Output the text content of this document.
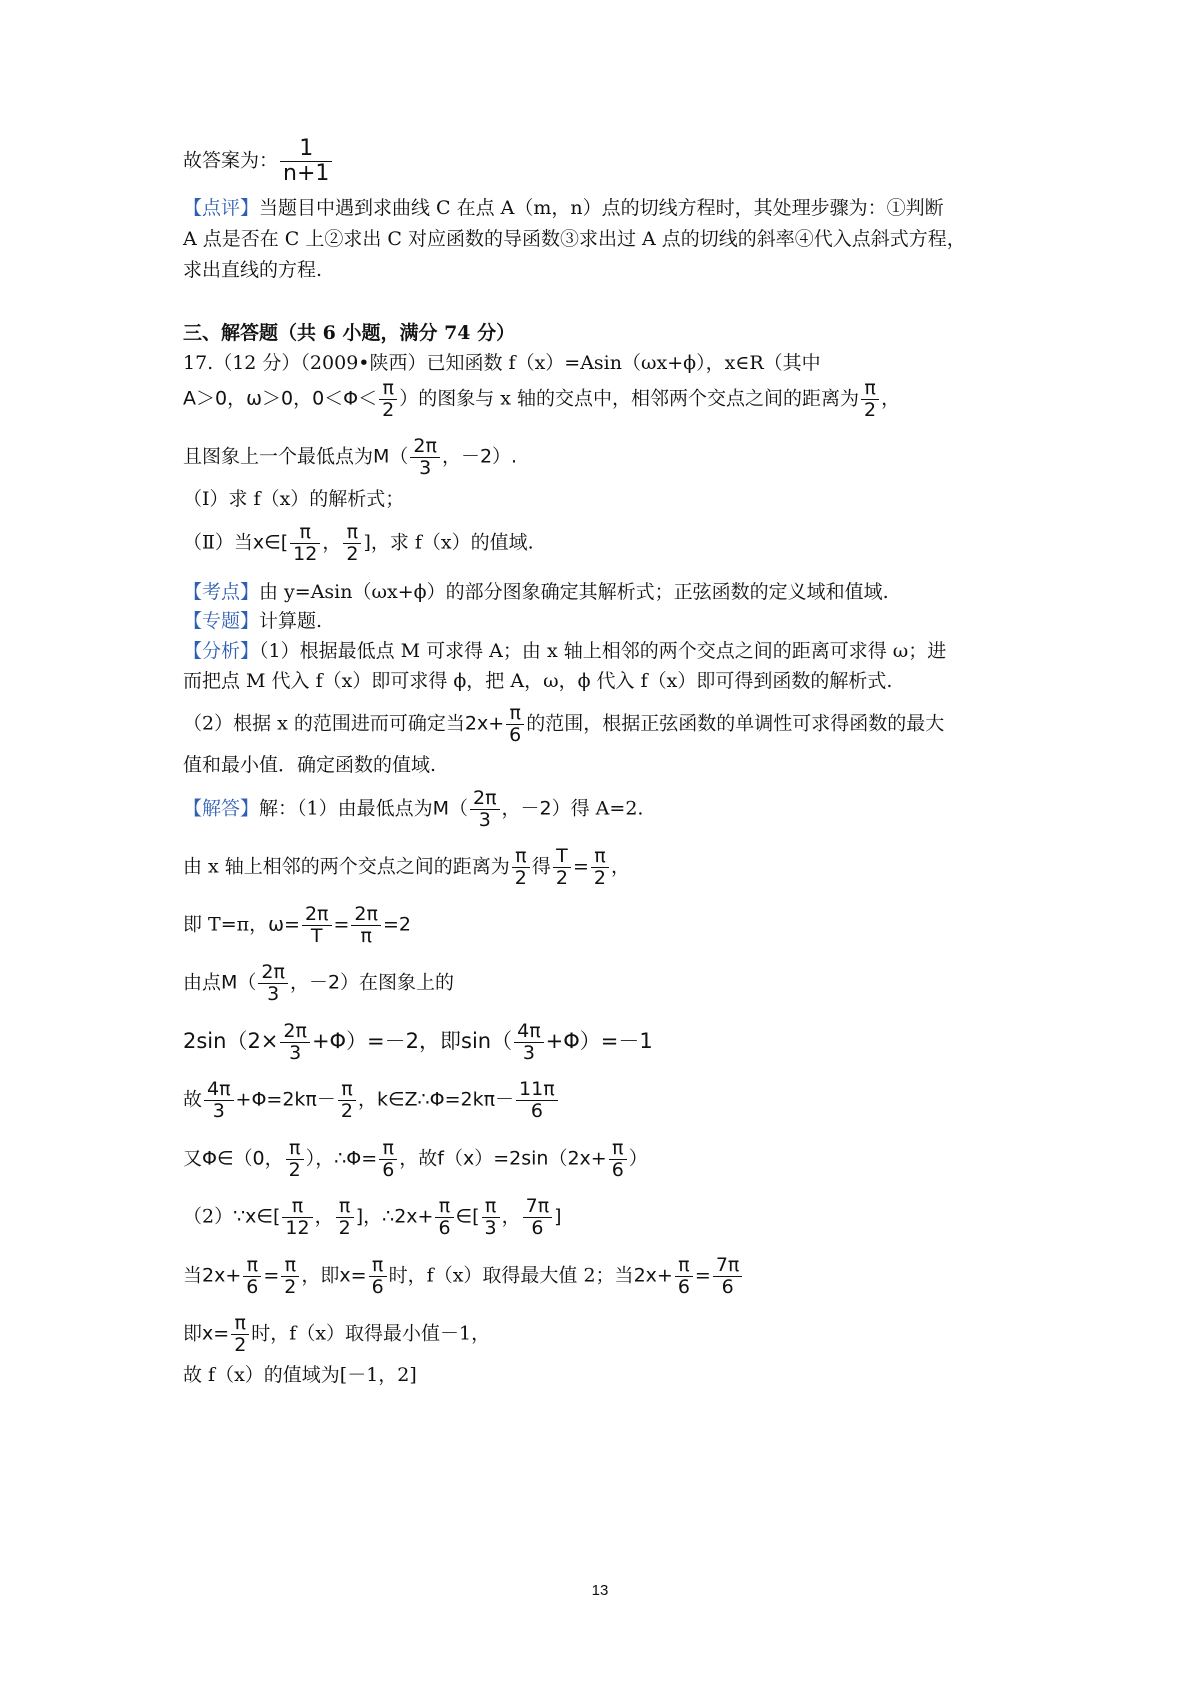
故答案为： $\frac{1}{n+1}$
【点评】当题目中遇到求曲线 C 在点 A（m，n）点的切线方程时，其处理步骤为：①判断
A 点是否在 C 上②求出 C 对应函数的导函数③求出过 A 点的切线的斜率④代入点斜式方程，
求出直线的方程.
三、解答题（共 6 小题，满分 74 分）
17.（12 分）（2009•陕西）已知函数 f（x）=Asin（ωx+ϕ），x∈R（其中
A＞0，ω＞0，$0<\Phi< \frac{\pi}{2}$ ）的图象与 x 轴的交点中，相邻两个交点之间的距离为 $\frac{\pi}{2}$ ，
且图象上一个最低点为$M( \frac{2\pi}{3}$ ，－2）.
（Ⅰ）求 f（x）的解析式；
（Ⅱ）当x∈[ $\frac{\pi}{12}$ ， $\frac{\pi}{2}$ ]，求 f（x）的值域.
【考点】由 y=Asin（ωx+ϕ）的部分图象确定其解析式；正弦函数的定义域和值域.
【专题】计算题.
【分析】（1）根据最低点 M 可求得 A；由 x 轴上相邻的两个交点之间的距离可求得 ω；进
而把点 M 代入 f（x）即可求得 ϕ，把 A，ω，ϕ 代入 f（x）即可得到函数的解析式.
（2）根据 x 的范围进而可确定当$2x+ \frac{\pi}{6}$ 的范围，根据正弦函数的单调性可求得函数的最大
值和最小值．确定函数的值域.
【解答】解：（1）由最低点为$M( \frac{2\pi}{3}$ ，－2）得 A=2.
由 x 轴上相邻的两个交点之间的距离为 $\frac{\pi}{2}$ 得 $\frac{T}{2} = \frac{\pi}{2}$ ，
即 T=π，$\omega= \frac{2\pi}{T} = \frac{2\pi}{\pi} =2$
由点$M( \frac{2\pi}{3}$ ，－2）在图象上的
$2\sin(2\times \frac{2\pi}{3} +\Phi)=-2$，即$\sin( \frac{4\pi}{3} +\Phi)=-1$
故 $\frac{4\pi}{3} +\Phi=2k\pi- \frac{\pi}{2}$ ，k∈Z∴Φ=2kπ－ $\frac{11\pi}{6}$
又Φ∈（0， $\frac{\pi}{2}$ ），∴Φ= $\frac{\pi}{6}$ ，故$f(x)=2\sin(2x+ \frac{\pi}{6}$ ）
（2）∵x∈[ $\frac{\pi}{12}$ ， $\frac{\pi}{2}$ ]，∴2x+ $\frac{\pi}{6}$ ∈[ $\frac{\pi}{3}$ ， $\frac{7\pi}{6}$ ]
当$2x+ \frac{\pi}{6} = \frac{\pi}{2}$ ，即$x= \frac{\pi}{6}$ 时，f（x）取得最大值 2；当$2x+ \frac{\pi}{6} = \frac{7\pi}{6}$
即$x= \frac{\pi}{2}$ 时，f（x）取得最小值－1，
故 f（x）的值域为[－1，2]
13
